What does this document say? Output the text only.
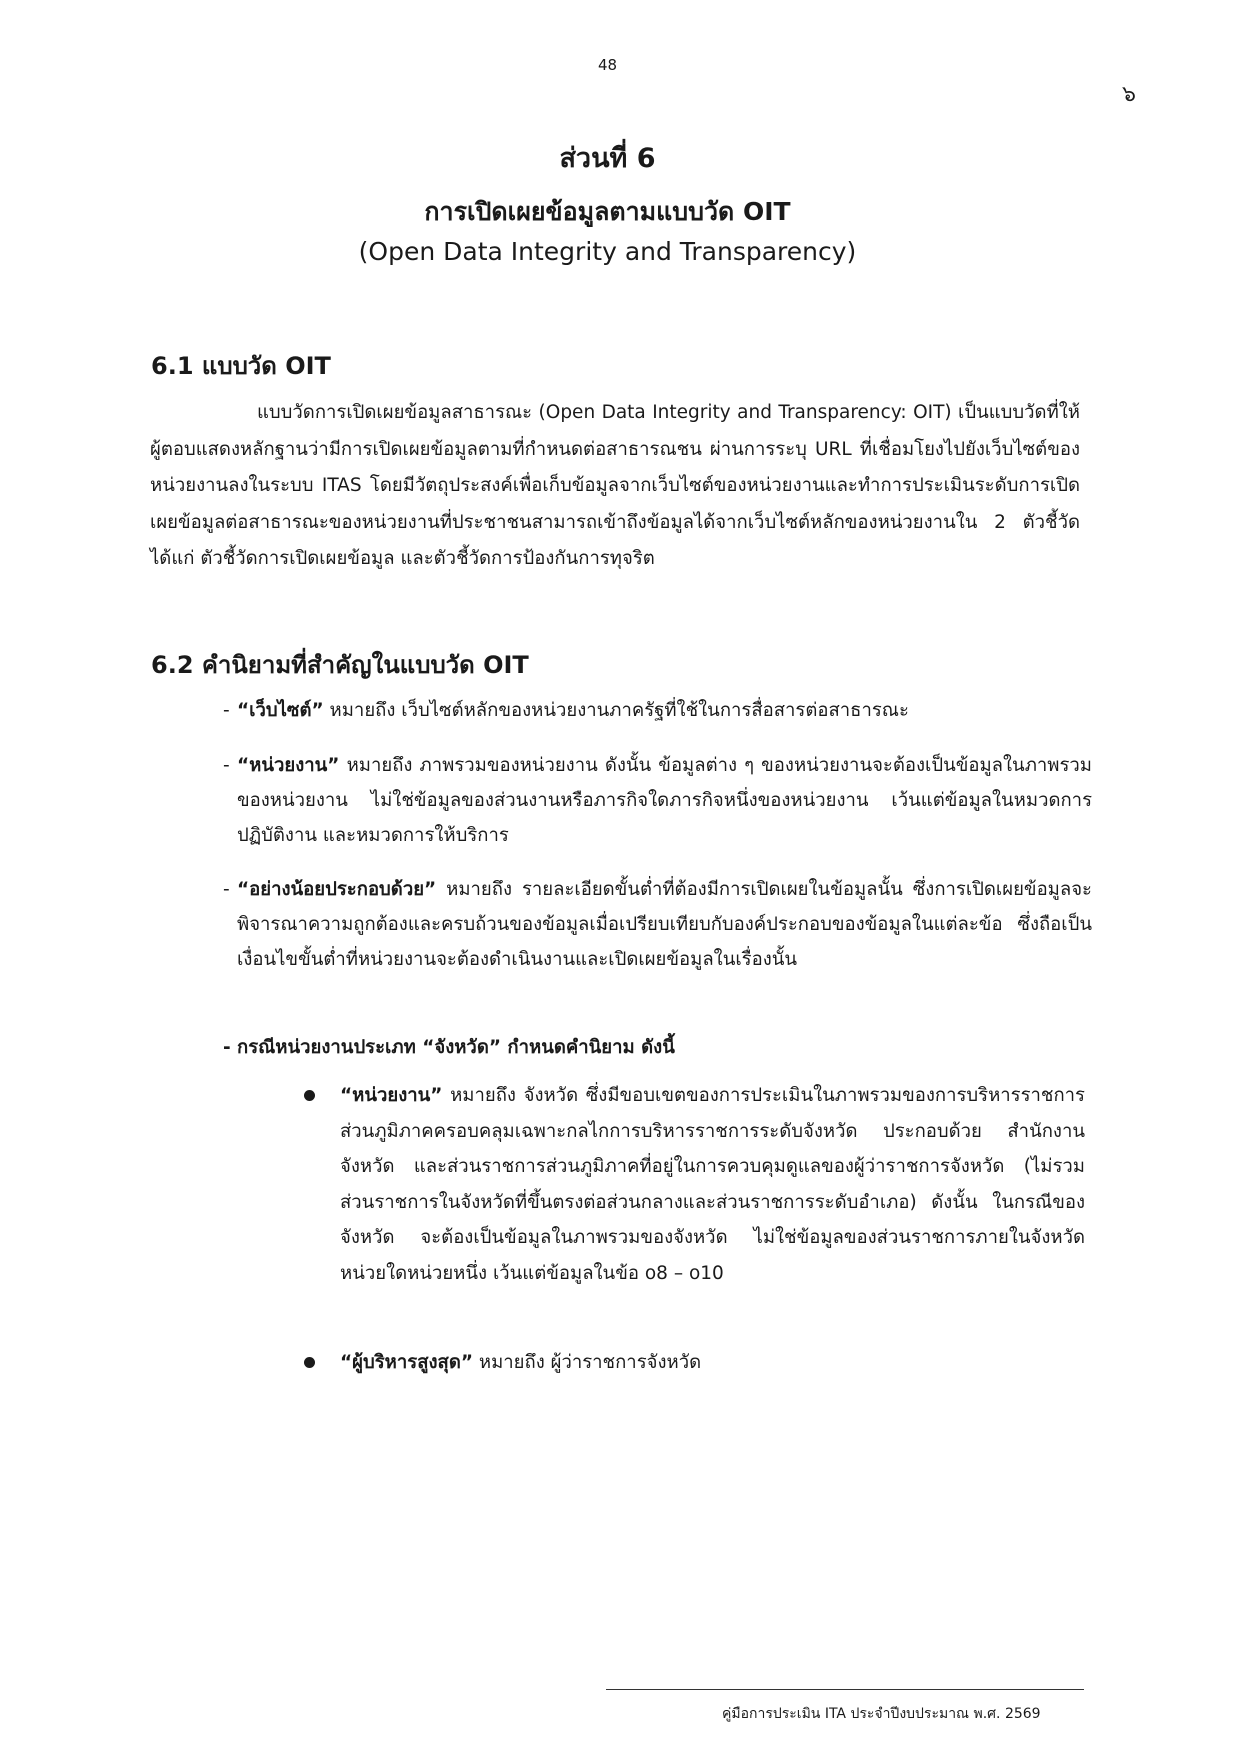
48
๖
ส่วนที่ 6
การเปิดเผยข้อมูลตามแบบวัด OIT
(Open Data Integrity and Transparency)
6.1 แบบวัด OIT

แบบวัดการเปิดเผยข้อมูลสาธารณะ (Open Data Integrity and Transparency: OIT) เป็นแบบวัดที่ให้ผู้ตอบแสดงหลักฐานว่ามีการเปิดเผยข้อมูลตามที่กำหนดต่อสาธารณชน ผ่านการระบุ URL ที่เชื่อมโยงไปยังเว็บไซต์ของหน่วยงานลงในระบบ ITAS โดยมีวัตถุประสงค์เพื่อเก็บข้อมูลจากเว็บไซต์ของหน่วยงานและทำการประเมินระดับการเปิดเผยข้อมูลต่อสาธารณะของหน่วยงานที่ประชาชนสามารถเข้าถึงข้อมูลได้จากเว็บไซต์หลักของหน่วยงานใน 2 ตัวชี้วัด ได้แก่ ตัวชี้วัดการเปิดเผยข้อมูล และตัวชี้วัดการป้องกันการทุจริต

6.2 คำนิยามที่สำคัญในแบบวัด OIT

- “เว็บไซต์” หมายถึง เว็บไซต์หลักของหน่วยงานภาครัฐที่ใช้ในการสื่อสารต่อสาธารณะ

- “หน่วยงาน” หมายถึง ภาพรวมของหน่วยงาน ดังนั้น ข้อมูลต่าง ๆ ของหน่วยงานจะต้องเป็นข้อมูลในภาพรวมของหน่วยงาน ไม่ใช่ข้อมูลของส่วนงานหรือภารกิจใดภารกิจหนึ่งของหน่วยงาน เว้นแต่ข้อมูลในหมวดการปฏิบัติงาน และหมวดการให้บริการ

- “อย่างน้อยประกอบด้วย” หมายถึง รายละเอียดขั้นต่ำที่ต้องมีการเปิดเผยในข้อมูลนั้น ซึ่งการเปิดเผยข้อมูลจะพิจารณาความถูกต้องและครบถ้วนของข้อมูลเมื่อเปรียบเทียบกับองค์ประกอบของข้อมูลในแต่ละข้อ ซึ่งถือเป็นเงื่อนไขขั้นต่ำที่หน่วยงานจะต้องดำเนินงานและเปิดเผยข้อมูลในเรื่องนั้น

- กรณีหน่วยงานประเภท “จังหวัด” กำหนดคำนิยาม ดังนี้

“หน่วยงาน” หมายถึง จังหวัด ซึ่งมีขอบเขตของการประเมินในภาพรวมของการบริหารราชการส่วนภูมิภาคครอบคลุมเฉพาะกลไกการบริหารราชการระดับจังหวัด ประกอบด้วย สำนักงานจังหวัด และส่วนราชการส่วนภูมิภาคที่อยู่ในการควบคุมดูแลของผู้ว่าราชการจังหวัด (ไม่รวมส่วนราชการในจังหวัดที่ขึ้นตรงต่อส่วนกลางและส่วนราชการระดับอำเภอ) ดังนั้น ในกรณีของจังหวัด จะต้องเป็นข้อมูลในภาพรวมของจังหวัด ไม่ใช่ข้อมูลของส่วนราชการภายในจังหวัดหน่วยใดหน่วยหนึ่ง เว้นแต่ข้อมูลในข้อ o8 – o10

“ผู้บริหารสูงสุด” หมายถึง ผู้ว่าราชการจังหวัด

คู่มือการประเมิน ITA ประจำปีงบประมาณ พ.ศ. 2569
